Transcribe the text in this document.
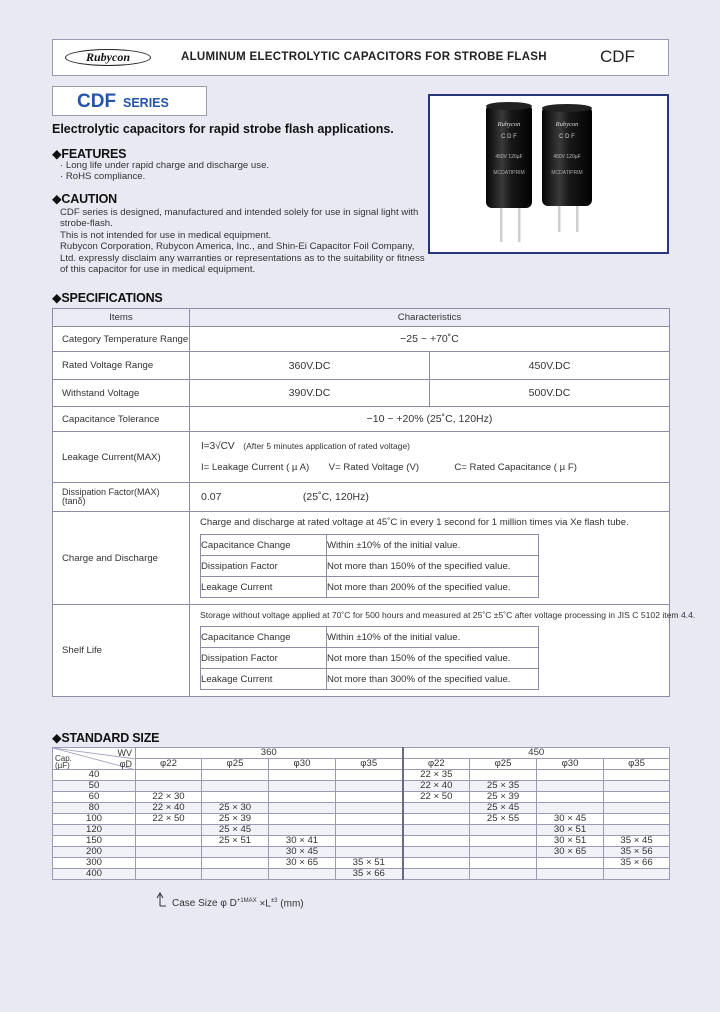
Rubycon	ALUMINUM ELECTROLYTIC CAPACITORS FOR STROBE FLASH	CDF
CDF SERIES
Rubycon
C D F
450V 120µF
MCDATIPRIM
Rubycon
C D F
450V 120µF
MCDATIPRIM
Electrolytic capacitors for rapid strobe flash applications.
◆FEATURES
· Long life under rapid charge and discharge use.
· RoHS compliance.
◆CAUTION
CDF series is designed, manufactured and intended solely for use in signal light with
strobe-flash.
This is not intended for use in medical equipment.
Rubycon Corporation, Rubycon America, Inc., and Shin-Ei Capacitor Foil Company,
Ltd. expressly disclaim any warranties or representations as to the suitability or fitness
of this capacitor for use in medical equipment.
◆SPECIFICATIONS
Items	Characteristics
Category Temperature Range	−25 ~ +70˚C
Rated Voltage Range	360V.DC	450V.DC
Withstand Voltage	390V.DC	500V.DC
Capacitance Tolerance	−10 ~ +20% (25˚C, 120Hz)
Leakage Current(MAX)	
I=3√CV (After 5 minutes application of rated voltage)
I= Leakage Current ( µ A) V= Rated Voltage (V)	C= Rated Capacitance ( µ F)

Dissipation Factor(MAX)
(tanδ)	0.07	(25˚C, 120Hz)
Charge and Discharge	
Charge and discharge at rated voltage at 45˚C in every 1 second for 1 million times via Xe flash tube.
Capacitance Change	Within ±10% of the initial value.
Dissipation Factor	Not more than 150% of the specified value.
Leakage Current	Not more than 200% of the specified value.

Shelf Life	
Storage without voltage applied at 70˚C for 500 hours and measured at 25˚C ±5˚C after voltage processing in JIS C 5102 item 4.4.
Capacitance Change	Within ±10% of the initial value.
Dissipation Factor	Not more than 150% of the specified value.
Leakage Current	Not more than 300% of the specified value.
◆STANDARD SIZE
WV
φD
Cap.
(µF)	360				450			
	φ22	φ25	φ30	φ35	φ22	φ25	φ30	φ35
40					22 × 35			
50					22 × 40	25 × 35		
60	22 × 30				22 × 50	25 × 39		
80	22 × 40	25 × 30				25 × 45		
100	22 × 50	25 × 39				25 × 55	30 × 45	
120		25 × 45					30 × 51	
150		25 × 51	30 × 41				30 × 51	35 × 45
200			30 × 45				30 × 65	35 × 56
300			30 × 65	35 × 51				35 × 66
400				35 × 66				
Case Size φ $D^{+1MAX} \times L^{\pm 3}$ (mm)
